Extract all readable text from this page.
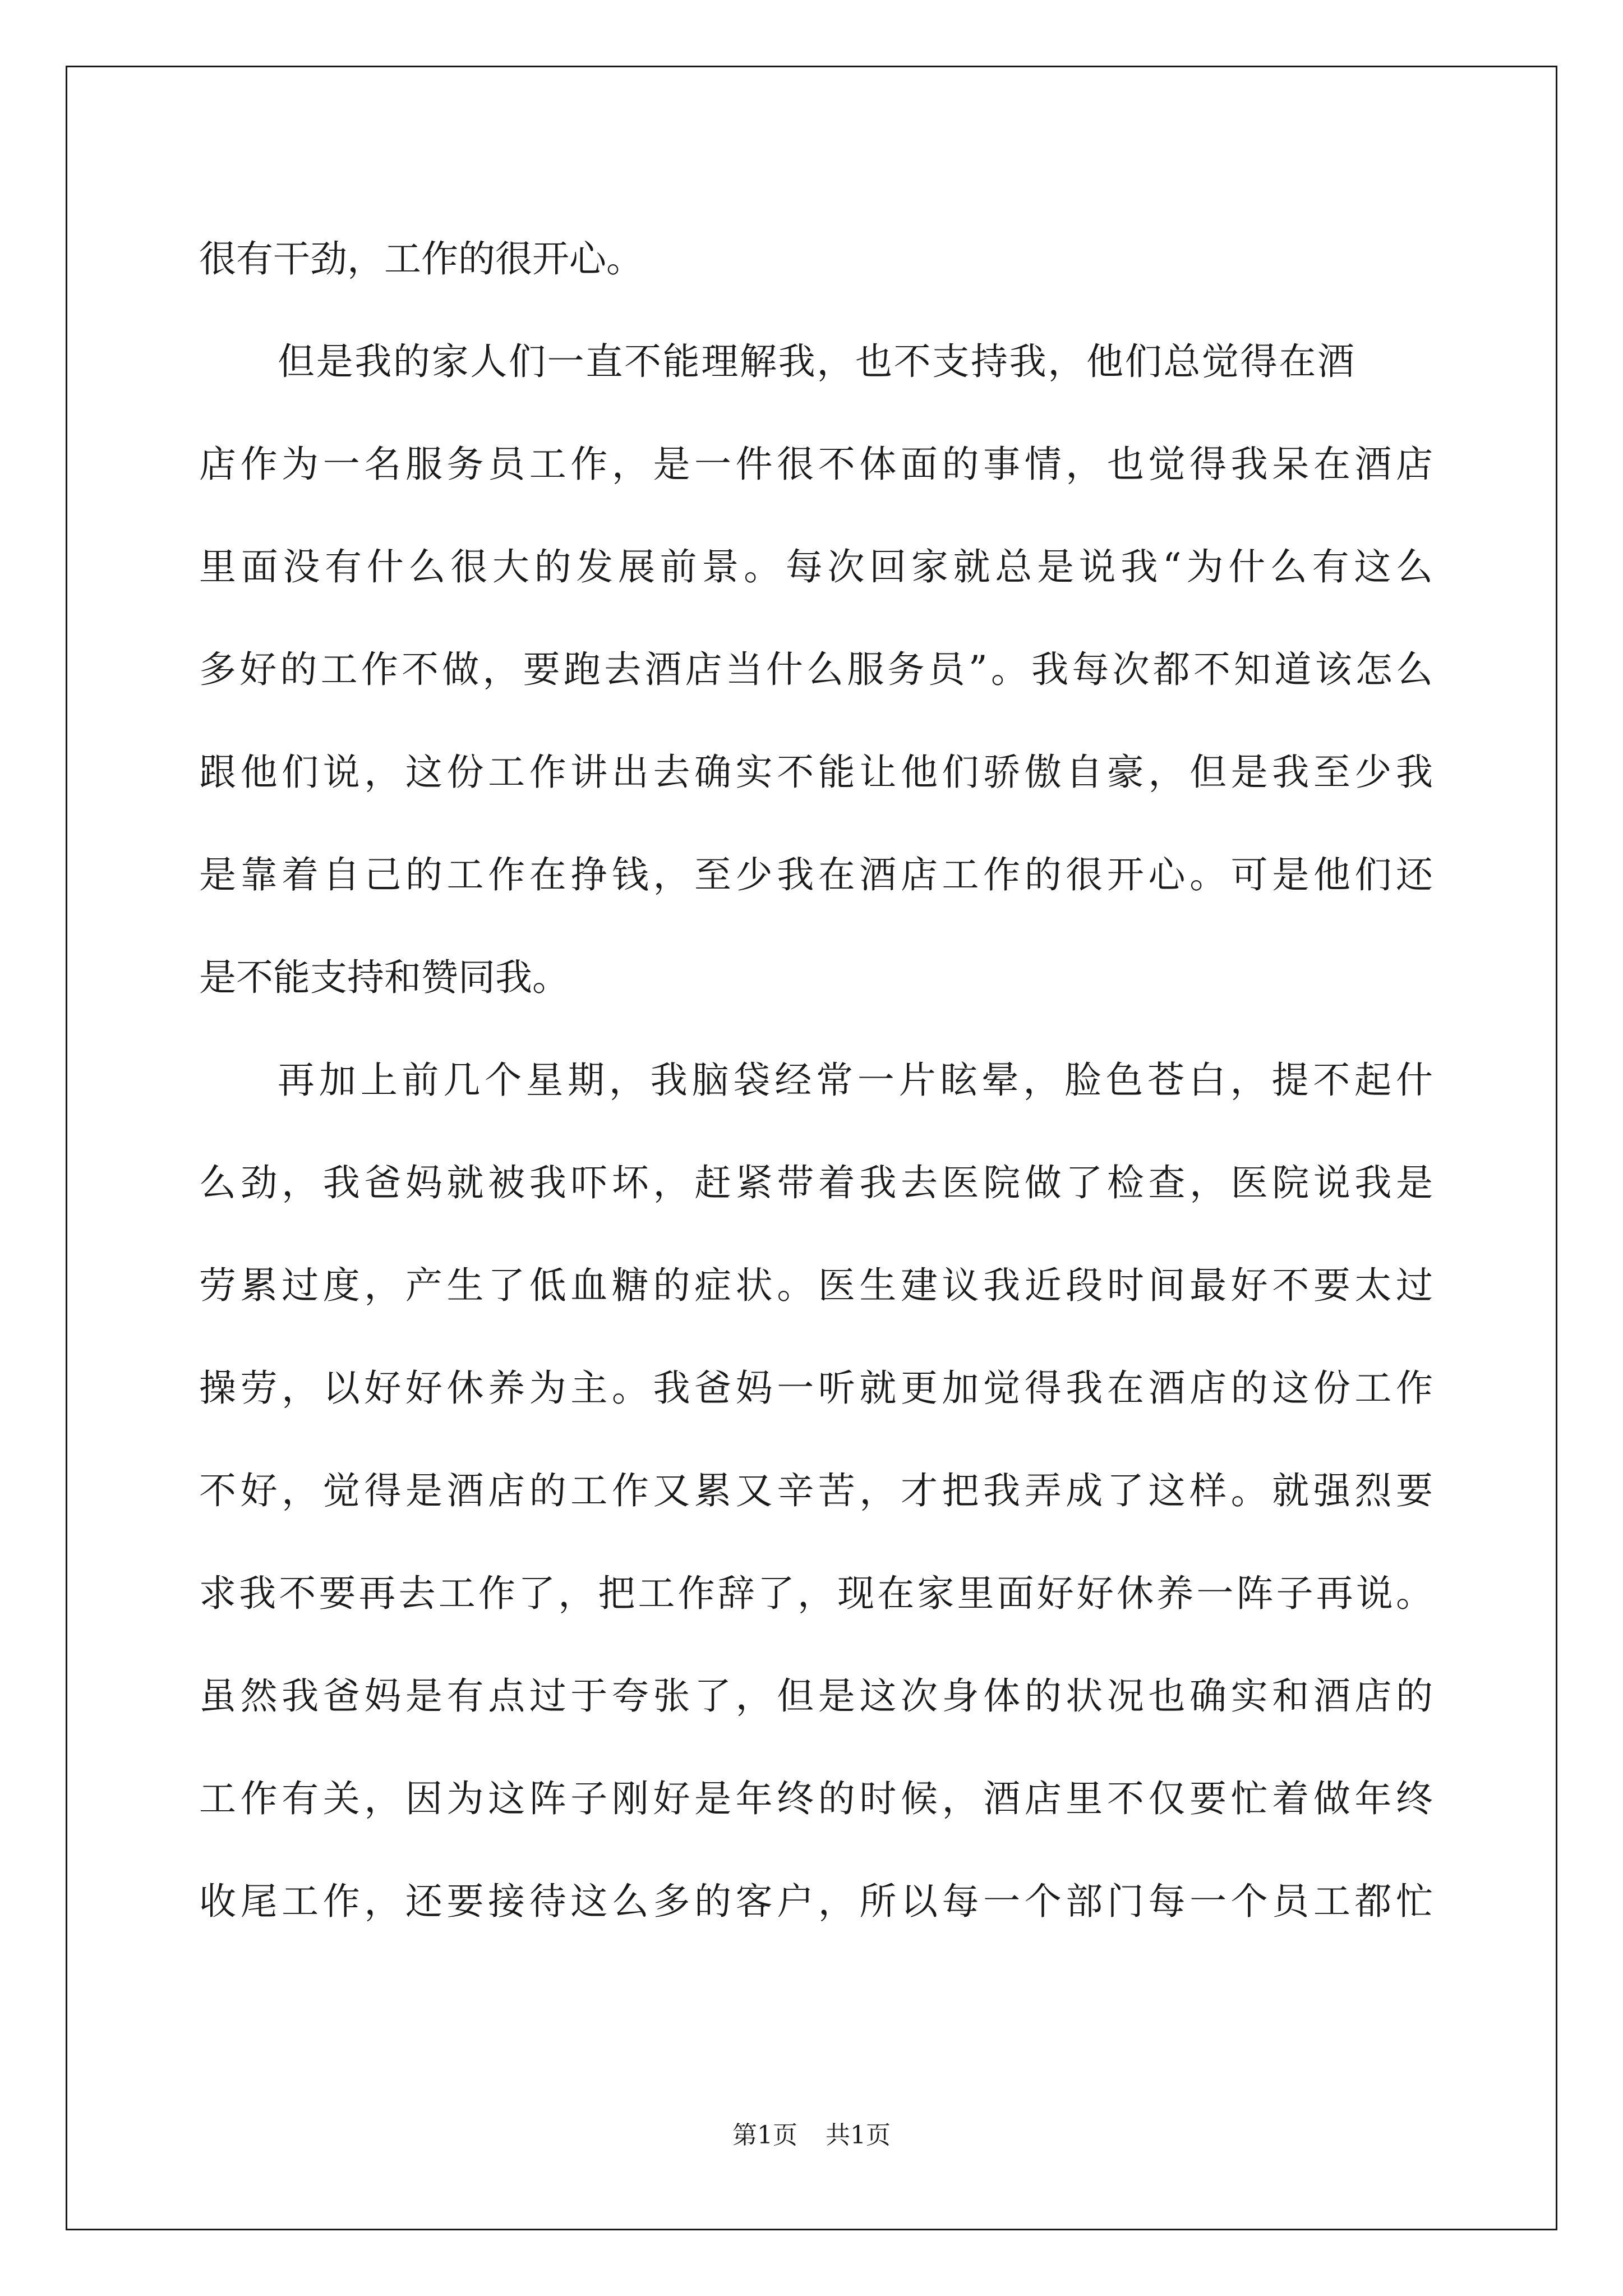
很有干劲，工作的很开心。
但是我的家人们一直不能理解我，也不支持我，他们总觉得在酒
店作为一名服务员工作，是一件很不体面的事情，也觉得我呆在酒店
里面没有什么很大的发展前景。每次回家就总是说我“为什么有这么
多好的工作不做，要跑去酒店当什么服务员”。我每次都不知道该怎么
跟他们说，这份工作讲出去确实不能让他们骄傲自豪，但是我至少我
是靠着自己的工作在挣钱，至少我在酒店工作的很开心。可是他们还
是不能支持和赞同我。
再加上前几个星期，我脑袋经常一片眩晕，脸色苍白，提不起什
么劲，我爸妈就被我吓坏，赶紧带着我去医院做了检查，医院说我是
劳累过度，产生了低血糖的症状。医生建议我近段时间最好不要太过
操劳，以好好休养为主。我爸妈一听就更加觉得我在酒店的这份工作
不好，觉得是酒店的工作又累又辛苦，才把我弄成了这样。就强烈要
求我不要再去工作了，把工作辞了，现在家里面好好休养一阵子再说。
虽然我爸妈是有点过于夸张了，但是这次身体的状况也确实和酒店的
工作有关，因为这阵子刚好是年终的时候，酒店里不仅要忙着做年终
收尾工作，还要接待这么多的客户，所以每一个部门每一个员工都忙
第1页 共1页
